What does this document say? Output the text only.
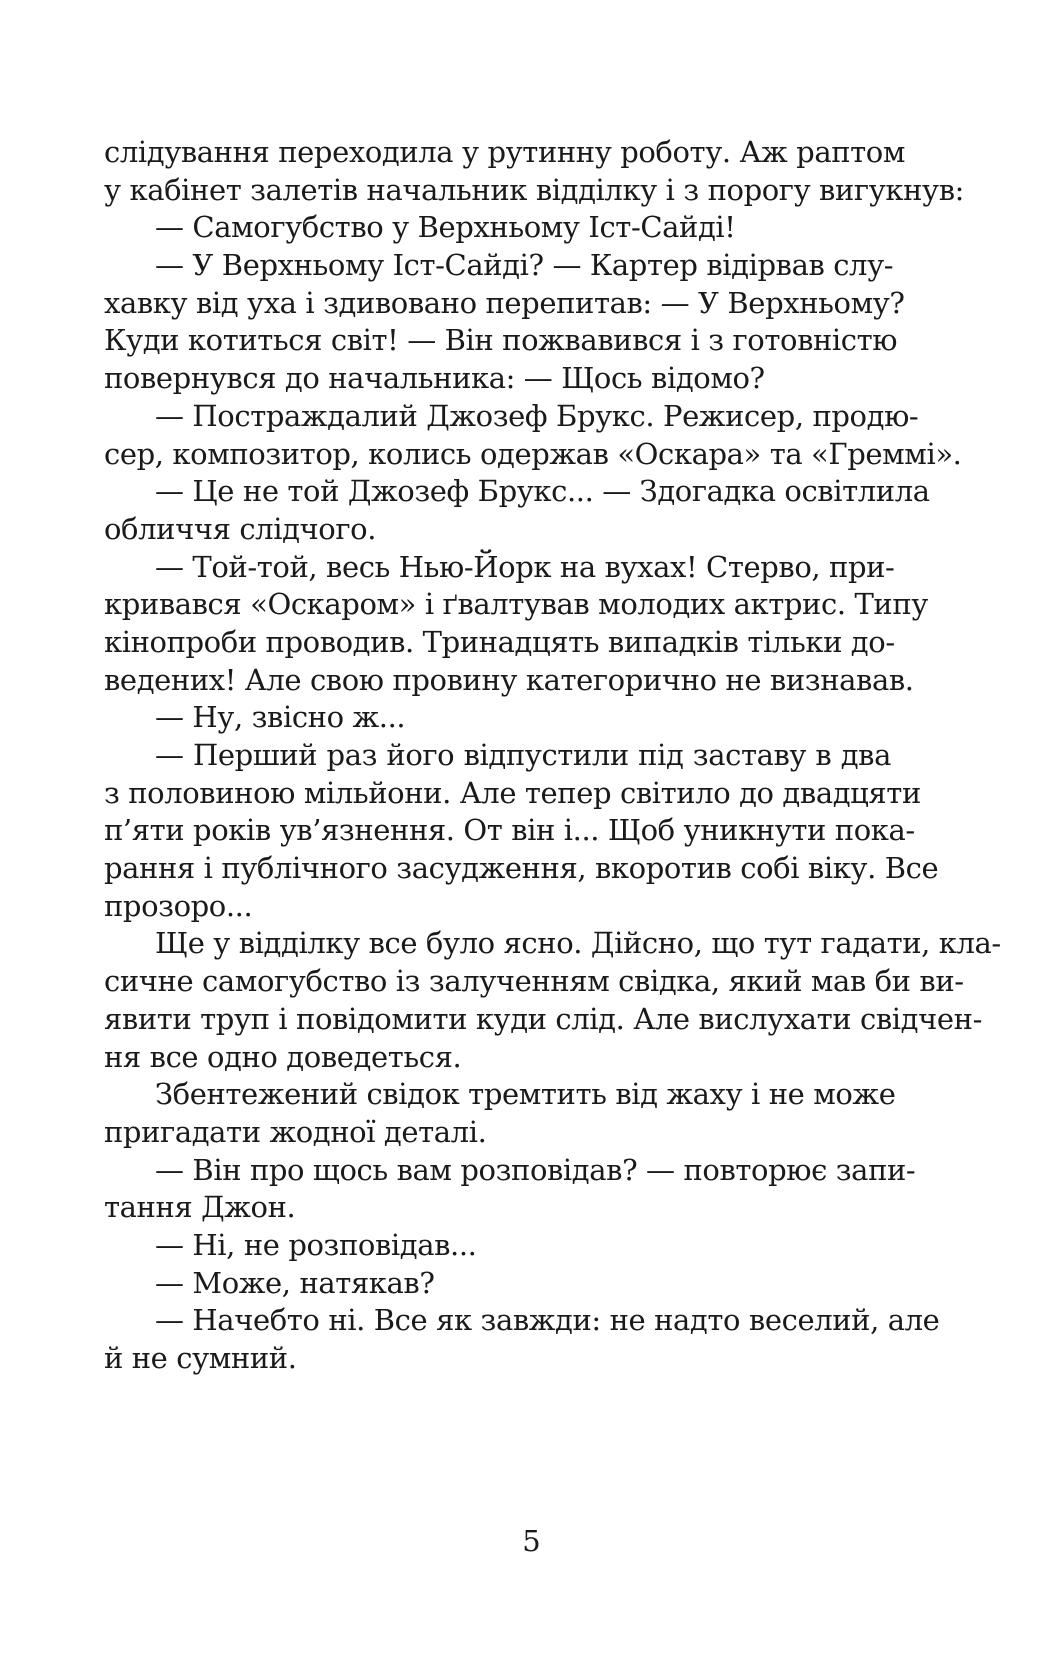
слідування переходила у рутинну роботу. Аж раптом
у кабінет залетів начальник відділку і з порогу вигукнув:
— Самогубство у Верхньому Іст-Сайді!
— У Верхньому Іст-Сайді? — Картер відірвав слу-
хавку від уха і здивовано перепитав: — У Верхньому?
Куди котиться світ! — Він пожвавився і з готовністю
повернувся до начальника: — Щось відомо?
— Постраждалий Джозеф Брукс. Режисер, продю-
сер, композитор, колись одержав «Оскара» та «Греммі».
— Це не той Джозеф Брукс... — Здогадка освітлила
обличчя слідчого.
— Той-той, весь Нью-Йорк на вухах! Стерво, при-
кривався «Оскаром» і ґвалтував молодих актрис. Типу
кінопроби проводив. Тринадцять випадків тільки до-
ведених! Але свою провину категорично не визнавав.
— Ну, звісно ж...
— Перший раз його відпустили під заставу в два
з половиною мільйони. Але тепер світило до двадцяти
п’яти років ув’язнення. От він і... Щоб уникнути пока-
рання і публічного засудження, вкоротив собі віку. Все
прозоро...
Ще у відділку все було ясно. Дійсно, що тут гадати, кла-
сичне самогубство із залученням свідка, який мав би ви-
явити труп і повідомити куди слід. Але вислухати свідчен-
ня все одно доведеться.
Збентежений свідок тремтить від жаху і не може
пригадати жодної деталі.
— Він про щось вам розповідав? — повторює запи-
тання Джон.
— Ні, не розповідав...
— Може, натякав?
— Начебто ні. Все як завжди: не надто веселий, але
й не сумний.
5
